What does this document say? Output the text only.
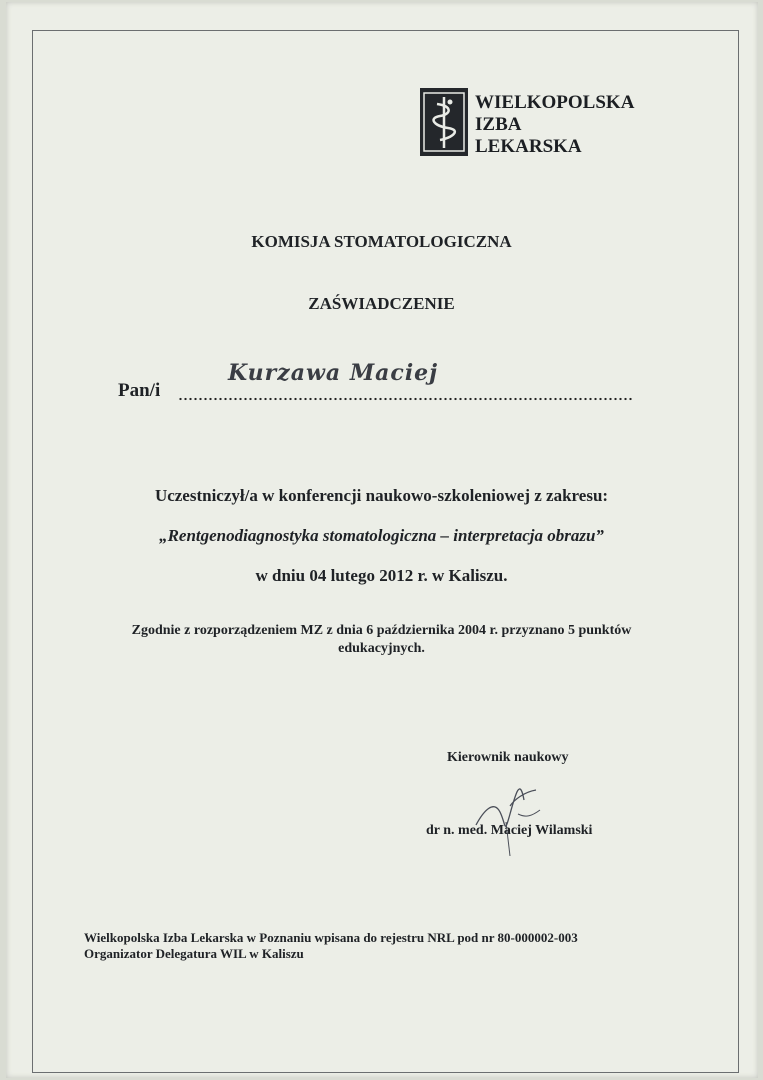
WIELKOPOLSKA
IZBA
LEKARSKA
KOMISJA STOMATOLOGICZNA
ZAŚWIADCZENIE
Pan/i
Kurzawa Maciej
Uczestniczył/a w konferencji naukowo-szkoleniowej z zakresu:
„Rentgenodiagnostyka stomatologiczna – interpretacja obrazu”
w dniu 04 lutego 2012 r. w Kaliszu.
Zgodnie z rozporządzeniem MZ z dnia 6 października 2004 r. przyznano 5 punktów edukacyjnych.
Kierownik naukowy
dr n. med. Maciej Wilamski
Wielkopolska Izba Lekarska w Poznaniu wpisana do rejestru NRL pod nr 80-000002-003
Organizator Delegatura WIL w Kaliszu
